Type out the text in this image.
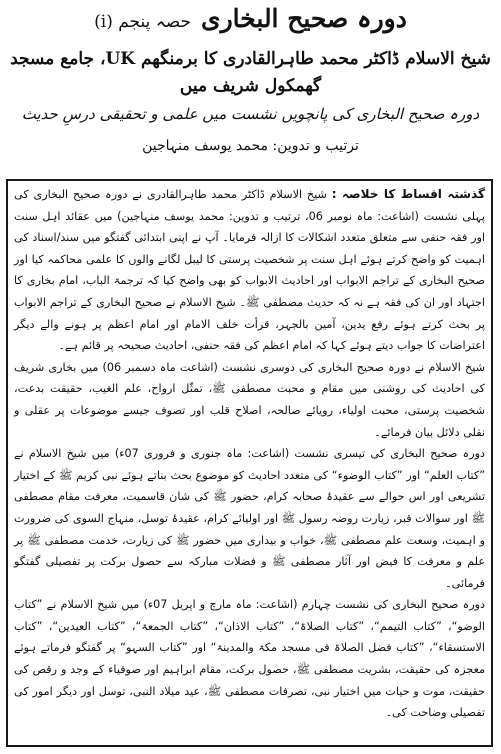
دورہ صحیح البخاری
حصہ پنجم (i)
شیخ الاسلام ڈاکٹر محمد طاہرالقادری کا برمنگھم UK، جامع مسجد گھمکول شریف میں
دورہ صحیح البخاری کی پانچویں نشست میں علمی و تحقیقی درسِ حدیث
ترتیب و تدوین: محمد یوسف منہاجین

گذشتہ اقساط کا خلاصہ : شیخ الاسلام ڈاکٹر محمد طاہرالقادری نے دورہ صحیح البخاری کی پہلی نشست (اشاعت: ماہ نومبر 06، ترتیب و تدوین: محمد یوسف منہاجین) میں عقائد اہل سنت اور فقہ حنفی سے متعلق متعدد اشکالات کا ازالہ فرمایا۔ آپ نے اپنی ابتدائی گفتگو میں سند/اسناد کی اہمیت کو واضح کرتے ہوئے اہل سنت پر شخصیت پرستی کا لیبل لگانے والوں کا علمی محاکمہ کیا اور صحیح البخاری کے تراجم الابواب اور احادیث الابواب کو بھی واضح کیا کہ ترجمۃ الباب، امام بخاری کا اجتہاد اور ان کی فقہ ہے نہ کہ حدیث مصطفی ﷺ۔ شیخ الاسلام نے صحیح البخاری کے تراجم الابواب پر بحث کرتے ہوئے رفع یدین، آمین بالجہر، قرأت خلف الامام اور امام اعظم پر ہونے والے دیگر اعتراضات کا جواب دیتے ہوئے کہا کہ امام اعظم کی فقہ حنفی، احادیث صحیحہ پر قائم ہے۔

شیخ الاسلام نے دورہ صحیح البخاری کی دوسری نشست (اشاعت ماہ دسمبر 06) میں بخاری شریف کی احادیث کی روشنی میں مقام و محبت مصطفی ﷺ، تمثّل ارواح، علم الغیب، حقیقت بدعت، شخصیت پرستی، محبت اولیاء، رویائے صالحہ، اصلاح قلب اور تصوف جیسے موضوعات پر عقلی و نقلی دلائل بیان فرمائے۔

دورہ صحیح البخاری کی تیسری نشست (اشاعت: ماہ جنوری و فروری 07ء) میں شیخ الاسلام نے ”کتاب العلم“ اور ”کتاب الوضوء“ کی متعدد احادیث کو موضوع بحث بناتے ہوئے نبی کریم ﷺ کے اختیار تشریعی اور اس حوالے سے عقیدۂ صحابہ کرام، حضور ﷺ کی شان قاسمیت، معرفت مقام مصطفی ﷺ اور سوالات قبر، زیارت روضہ رسول ﷺ اور اولیائے کرام، عقیدۂ توسل، منہاج السوی کی ضرورت و اہمیت، وسعت علم مصطفی ﷺ، خواب و بیداری میں حضور ﷺ کی زیارت، خدمت مصطفی ﷺ پر علم و معرفت کا فیض اور آثار مصطفی ﷺ و فضلات مبارکہ سے حصول برکت پر تفصیلی گفتگو فرمائی۔

دورہ صحیح البخاری کی نشست چہارم (اشاعت: ماہ مارچ و اپریل 07ء) میں شیخ الاسلام نے ”کتاب الوضو“، ”کتاب التیمم“، ”کتاب الصلاۃ“، ”کتاب الاذان“، ”کتاب الجمعۃ“، ”کتاب العیدین“، ”کتاب الاستسقاء“، ”کتاب فضل الصلاۃ فی مسجد مکۃ والمدینۃ“ اور ”کتاب السہو“ پر گفتگو فرماتے ہوئے معجزہ کی حقیقت، بشریت مصطفی ﷺ، حصول برکت، مقام ابراہیم اور صوفیاء کے وجد و رقص کی حقیقت، موت و حیات میں اختیار نبی، تصرفات مصطفی ﷺ، عید میلاد النبی، توسل اور دیگر امور کی تفصیلی وضاحت کی۔
